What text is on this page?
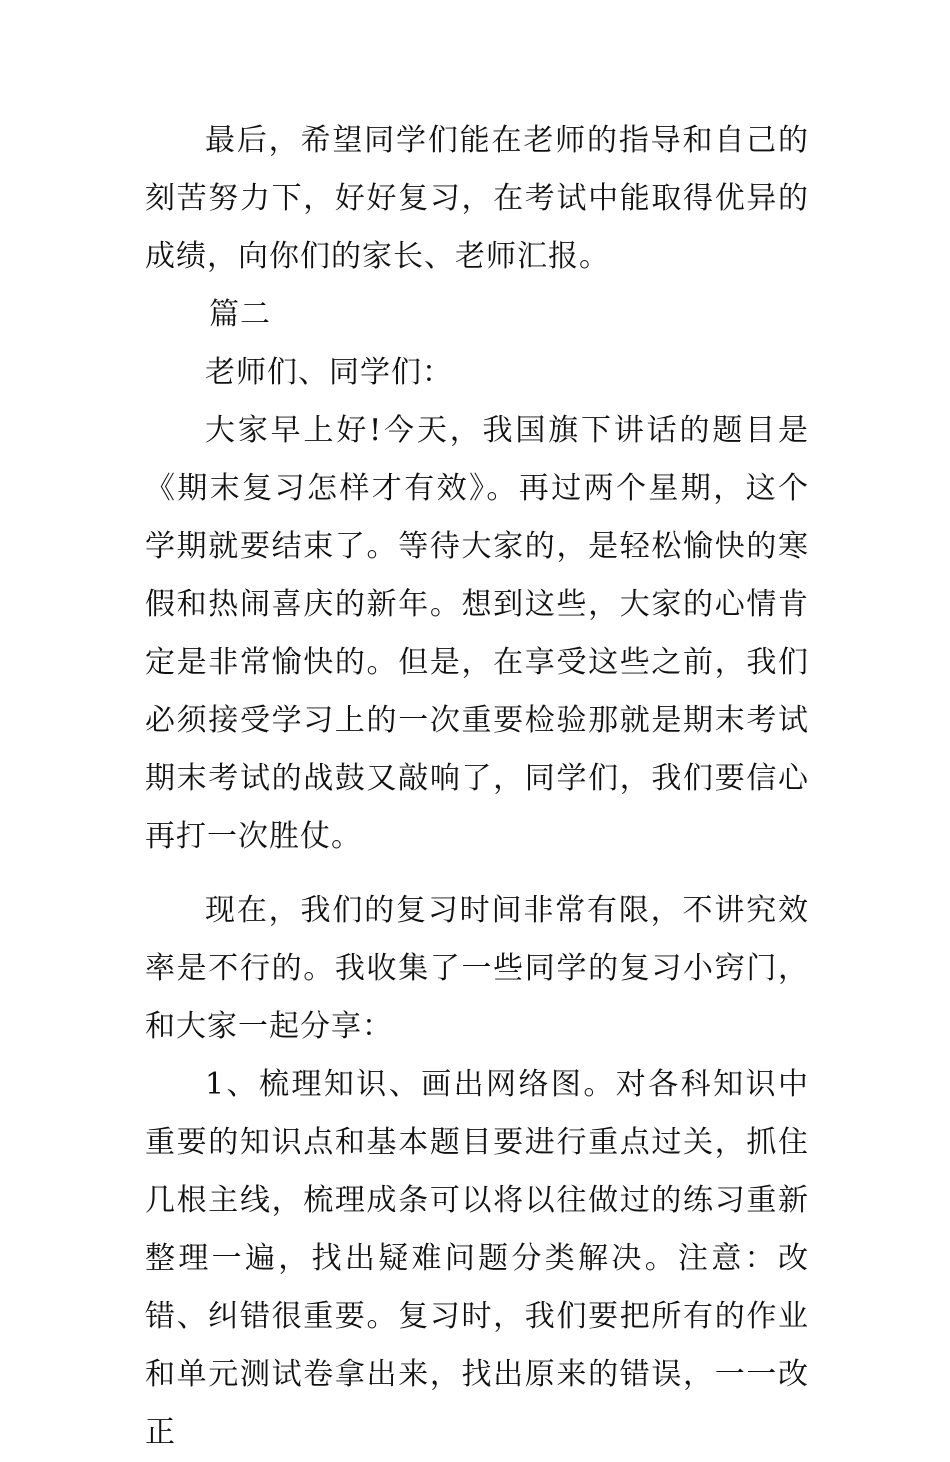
最后，希望同学们能在老师的指导和自己的刻苦努力下，好好复习，在考试中能取得优异的成绩，向你们的家长、老师汇报。

篇二

老师们、同学们：

大家早上好!今天，我国旗下讲话的题目是《期末复习怎样才有效》。再过两个星期，这个学期就要结束了。等待大家的，是轻松愉快的寒假和热闹喜庆的新年。想到这些，大家的心情肯定是非常愉快的。但是，在享受这些之前，我们必须接受学习上的一次重要检验那就是期末考试期末考试的战鼓又敲响了，同学们，我们要信心再打一次胜仗。

现在，我们的复习时间非常有限，不讲究效率是不行的。我收集了一些同学的复习小窍门，和大家一起分享：

1、梳理知识、画出网络图。对各科知识中重要的知识点和基本题目要进行重点过关，抓住几根主线，梳理成条可以将以往做过的练习重新整理一遍，找出疑难问题分类解决。注意：改错、纠错很重要。复习时，我们要把所有的作业和单元测试卷拿出来，找出原来的错误，一一改正
